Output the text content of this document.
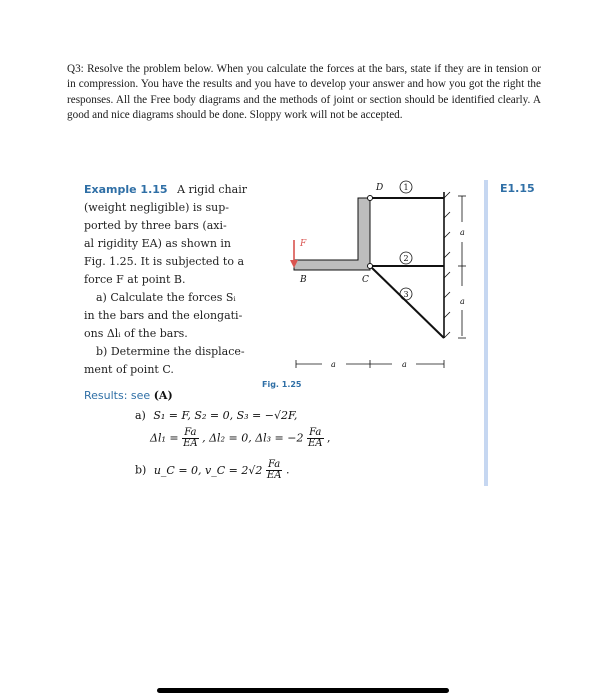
Q3: Resolve the problem below. When you calculate the forces at the bars, state if they are in tension or in compression. You have the results and you have to develop your answer and how you got the right the responses. All the Free body diagrams and the methods of joint or section should be identified clearly. A good and nice diagrams should be done. Sloppy work will not be accepted.
Example 1.15 A rigid chair
(weight negligible) is sup-
ported by three bars (axi-
al rigidity EA) as shown in
Fig. 1.25. It is subjected to a
force F at point B.
a) Calculate the forces Sᵢ
in the bars and the elongati-
ons Δlᵢ of the bars.
b) Determine the displace-
ment of point C.
E1.15
F
B	C
D	1
2
3
a
a
a	a
Fig. 1.25
Results: see (A)
a) S₁ = F, S₂ = 0, S₃ = −√2F,
$\Delta l_1 = \frac{Fa}{EA}$ , Δl₂ = 0, $\Delta l_3 = -2 \frac{Fa}{EA}$ ,
b) u_C = 0, v_C = $2√2 \frac{Fa}{EA}$ .
